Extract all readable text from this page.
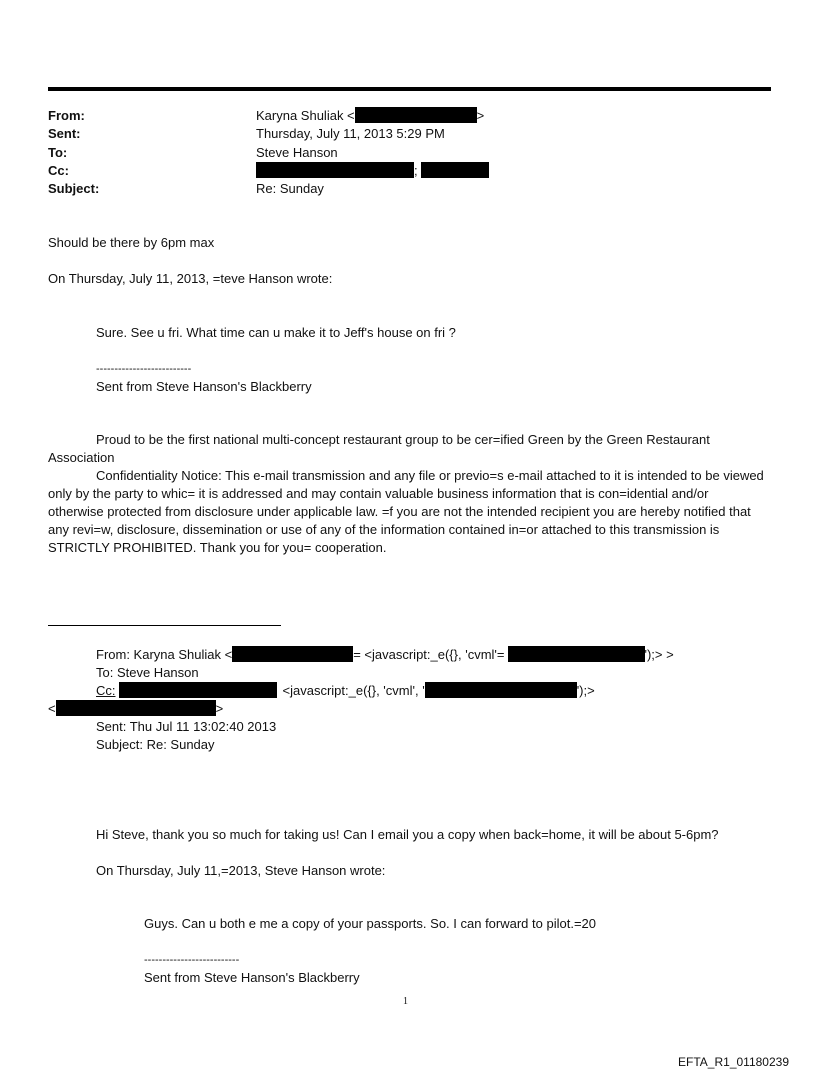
From:	Karyna Shuliak <	>
Sent:	Thursday, July 11, 2013 5:29 PM
To:	Steve Hanson
Cc:	;
Subject:	Re: Sunday
Should be there by 6pm max
On Thursday, July 11, 2013, =teve Hanson wrote:
Sure. See u fri. What time can u make it to Jeff's house on fri ?
--------------------------
Sent from Steve Hanson's Blackberry
Proud to be the first national multi-concept restaurant group to be cer=ified Green by the Green Restaurant Association
Confidentiality Notice: This e-mail transmission and any file or previo=s e-mail attached to it is intended to be viewed only by the party to whic= it is addressed and may contain valuable business information that is con=idential and/or otherwise protected from disclosure under applicable law. =f you are not the intended recipient you are hereby notified that any revi=w, disclosure, dissemination or use of any of the information contained in=or attached to this transmission is STRICTLY PROHIBITED. Thank you for you= cooperation.
From: Karyna Shuliak <	= <javascript:_e({}, 'cvml'=	');> >
To: Steve Hanson
Cc:	<javascript:_e({}, 'cvml', '	');>
<	>
Sent: Thu Jul 11 13:02:40 2013
Subject: Re: Sunday
Hi Steve, thank you so much for taking us! Can I email you a copy when back=home, it will be about 5-6pm?
On Thursday, July 11,=2013, Steve Hanson wrote:
Guys. Can u both e me a copy of your passports. So. I can forward to pilot.=20
--------------------------
Sent from Steve Hanson's Blackberry
1
EFTA_R1_01180239
